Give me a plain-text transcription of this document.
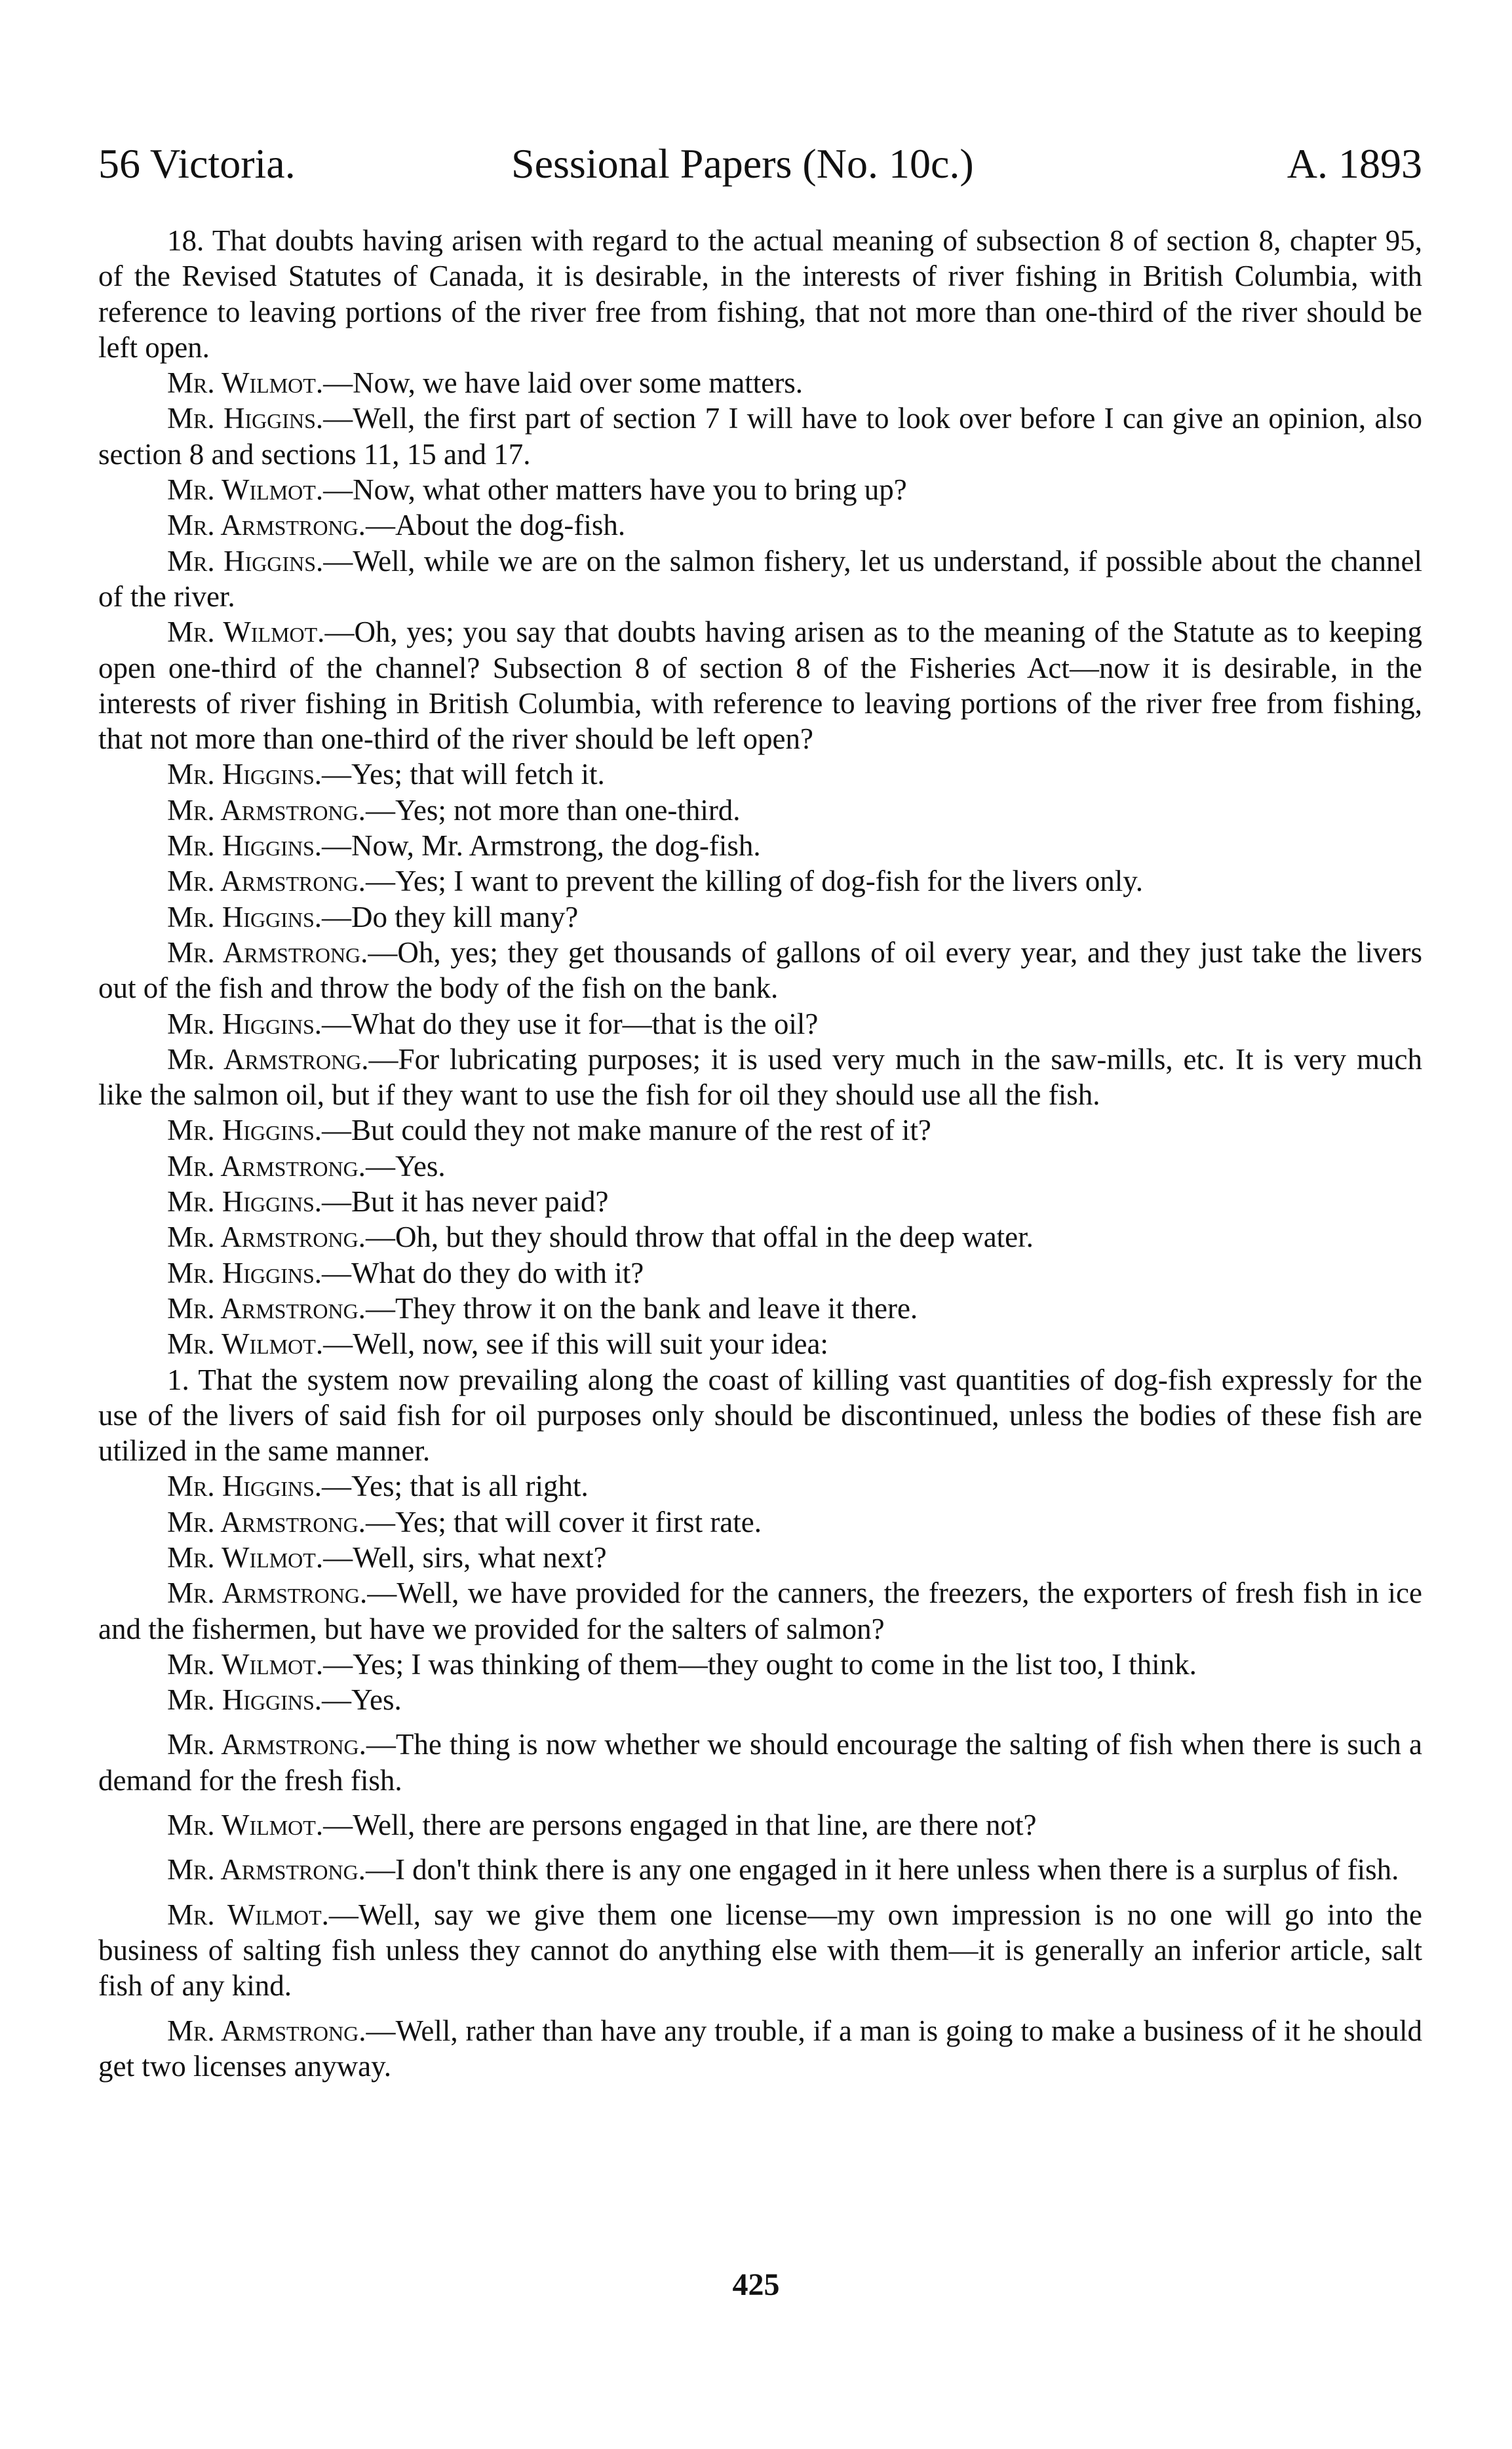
56 Victoria.	Sessional Papers (No. 10c.)	A. 1893

18. That doubts having arisen with regard to the actual meaning of subsection 8 of section 8, chapter 95, of the Revised Statutes of Canada, it is desirable, in the interests of river fishing in British Columbia, with reference to leaving portions of the river free from fishing, that not more than one-third of the river should be left open.

Mr. Wilmot.—Now, we have laid over some matters.

Mr. Higgins.—Well, the first part of section 7 I will have to look over before I can give an opinion, also section 8 and sections 11, 15 and 17.

Mr. Wilmot.—Now, what other matters have you to bring up?

Mr. Armstrong.—About the dog-fish.

Mr. Higgins.—Well, while we are on the salmon fishery, let us understand, if possible about the channel of the river.

Mr. Wilmot.—Oh, yes; you say that doubts having arisen as to the meaning of the Statute as to keeping open one-third of the channel? Subsection 8 of section 8 of the Fisheries Act—now it is desirable, in the interests of river fishing in British Columbia, with reference to leaving portions of the river free from fishing, that not more than one-third of the river should be left open?

Mr. Higgins.—Yes; that will fetch it.

Mr. Armstrong.—Yes; not more than one-third.

Mr. Higgins.—Now, Mr. Armstrong, the dog-fish.

Mr. Armstrong.—Yes; I want to prevent the killing of dog-fish for the livers only.

Mr. Higgins.—Do they kill many?

Mr. Armstrong.—Oh, yes; they get thousands of gallons of oil every year, and they just take the livers out of the fish and throw the body of the fish on the bank.

Mr. Higgins.—What do they use it for—that is the oil?

Mr. Armstrong.—For lubricating purposes; it is used very much in the saw-mills, etc. It is very much like the salmon oil, but if they want to use the fish for oil they should use all the fish.

Mr. Higgins.—But could they not make manure of the rest of it?

Mr. Armstrong.—Yes.

Mr. Higgins.—But it has never paid?

Mr. Armstrong.—Oh, but they should throw that offal in the deep water.

Mr. Higgins.—What do they do with it?

Mr. Armstrong.—They throw it on the bank and leave it there.

Mr. Wilmot.—Well, now, see if this will suit your idea:

1. That the system now prevailing along the coast of killing vast quantities of dog-fish expressly for the use of the livers of said fish for oil purposes only should be discontinued, unless the bodies of these fish are utilized in the same manner.

Mr. Higgins.—Yes; that is all right.

Mr. Armstrong.—Yes; that will cover it first rate.

Mr. Wilmot.—Well, sirs, what next?

Mr. Armstrong.—Well, we have provided for the canners, the freezers, the exporters of fresh fish in ice and the fishermen, but have we provided for the salters of salmon?

Mr. Wilmot.—Yes; I was thinking of them—they ought to come in the list too, I think.

Mr. Higgins.—Yes.

Mr. Armstrong.—The thing is now whether we should encourage the salting of fish when there is such a demand for the fresh fish.

Mr. Wilmot.—Well, there are persons engaged in that line, are there not?

Mr. Armstrong.—I don't think there is any one engaged in it here unless when there is a surplus of fish.

Mr. Wilmot.—Well, say we give them one license—my own impression is no one will go into the business of salting fish unless they cannot do anything else with them—it is generally an inferior article, salt fish of any kind.

Mr. Armstrong.—Well, rather than have any trouble, if a man is going to make a business of it he should get two licenses anyway.

425
